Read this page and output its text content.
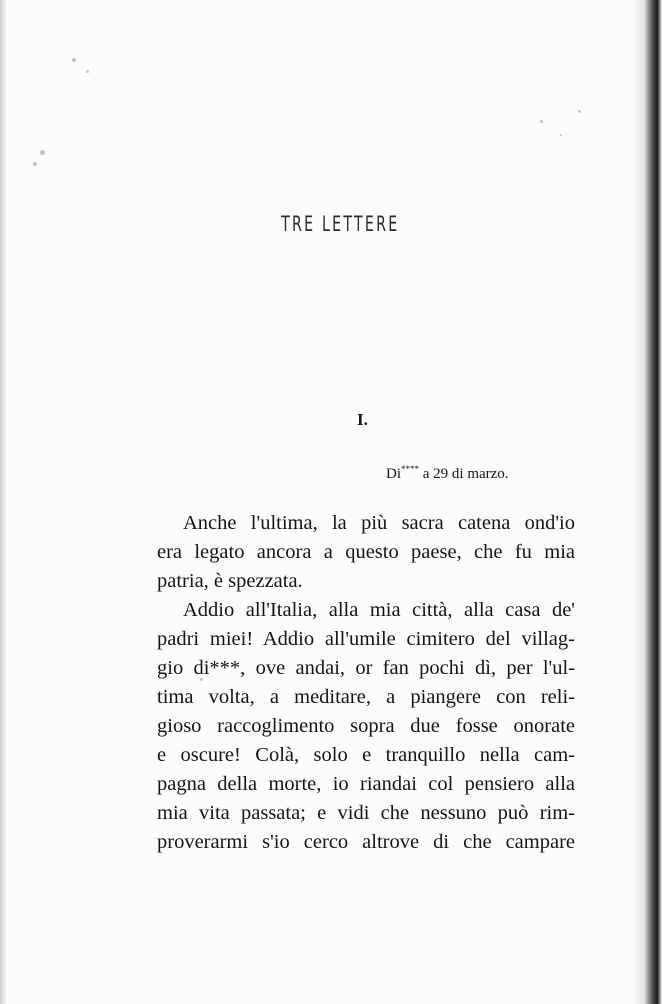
TRE LETTERE
I.
Di**** a 29 di marzo.
Anche l'ultima, la più sacra catena ond'io
era legato ancora a questo paese, che fu mia
patria, è spezzata.
Addio all'Italia, alla mia città, alla casa de'
padri miei! Addio all'umile cimitero del villag-
gio di***, ove andai, or fan pochi dì, per l'ul-
tima volta, a meditare, a piangere con reli-
gioso raccoglimento sopra due fosse onorate
e oscure! Colà, solo e tranquillo nella cam-
pagna della morte, io riandai col pensiero alla
mia vita passata; e vidi che nessuno può rim-
proverarmi s'io cerco altrove di che campare
